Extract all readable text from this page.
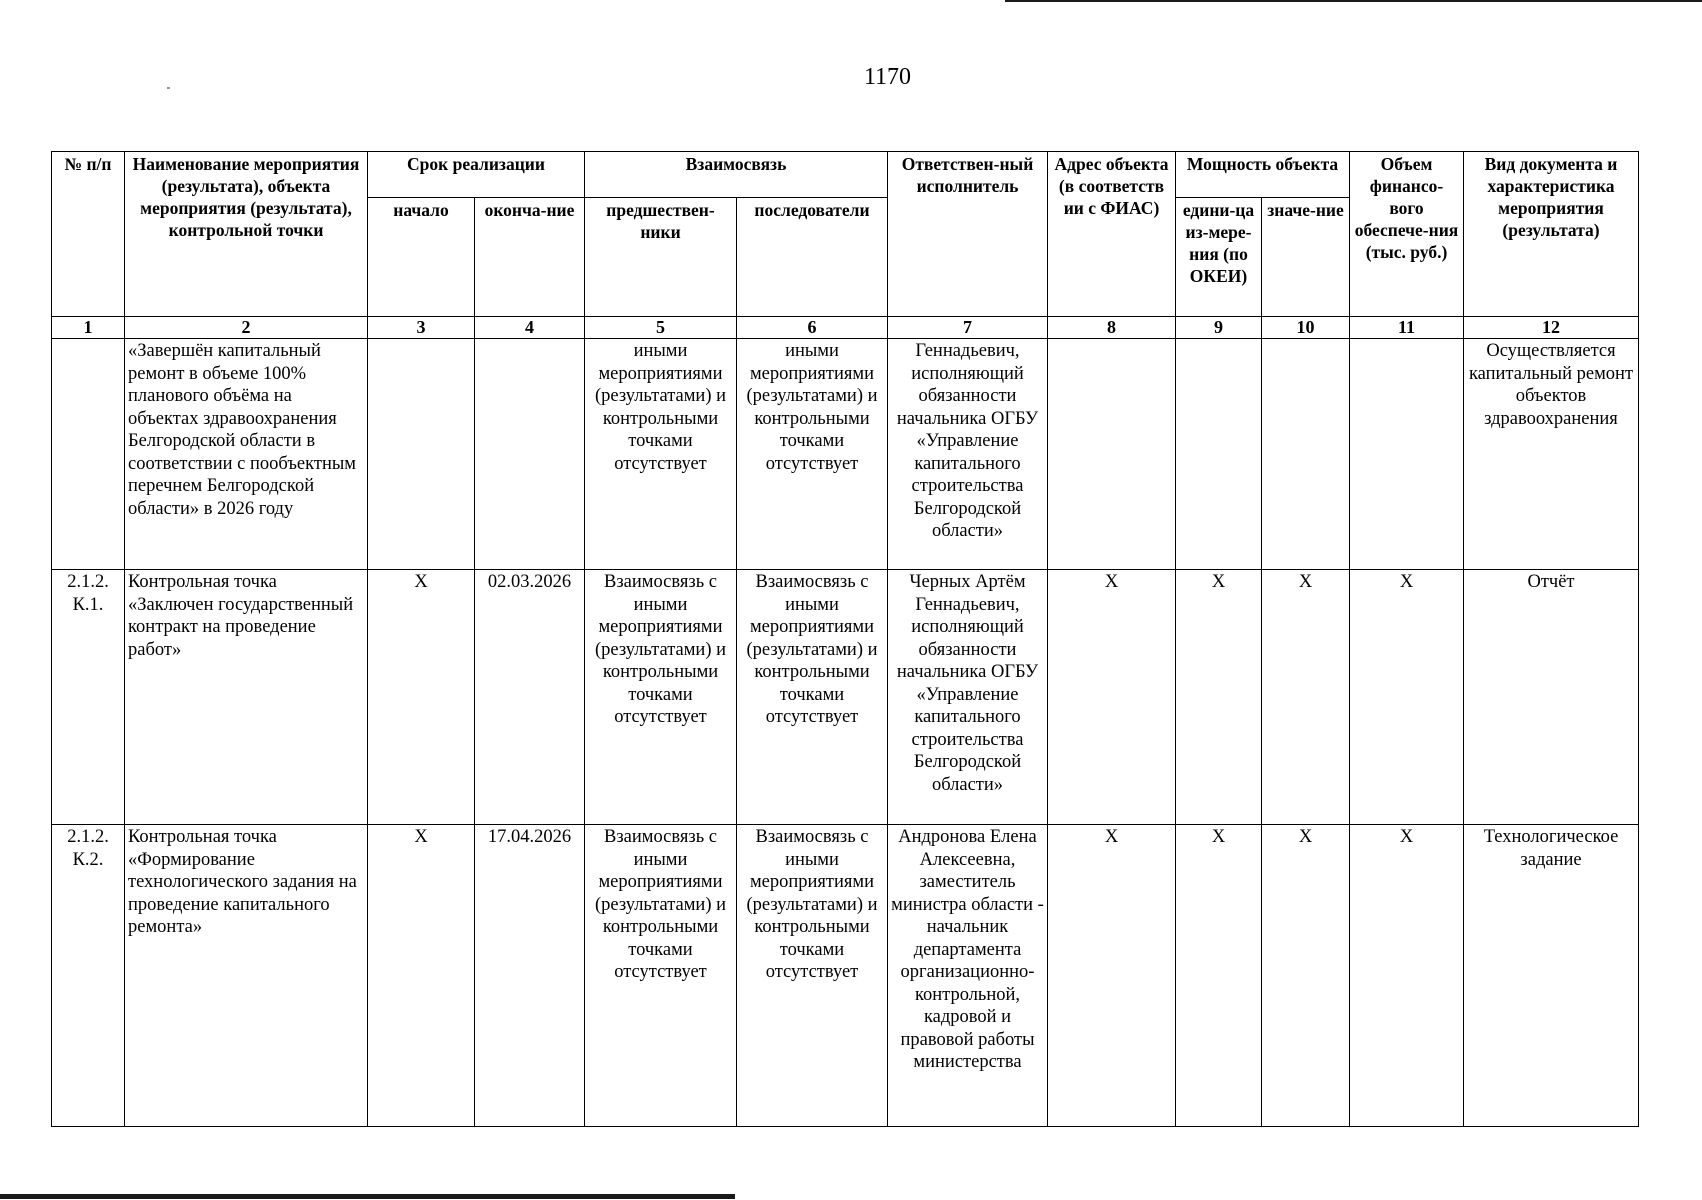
1170
№ п/п	Наименование мероприятия (результата), объекта мероприятия (результата), контрольной точки	Срок реализации		Взаимосвязь		Ответствен-ный исполнитель	Адрес объекта (в соответств ии с ФИАС)	Мощность объекта		Объем финансо-вого обеспече-ния (тыс. руб.)	Вид документа и характеристика мероприятия (результата)
		начало	оконча-ние	предшествен-ники	последователи			едини-ца из-мере-ния (по ОКЕИ)	значе-ние		
1	2	3	4	5	6	7	8	9	10	11	12
	«Завершён капитальный ремонт в объеме 100% планового объёма на объектах здравоохранения Белгородской области в соответствии с пообъектным перечнем Белгородской области» в 2026 году			иными мероприятиями (результатами) и контрольными точками отсутствует	иными мероприятиями (результатами) и контрольными точками отсутствует	Геннадьевич, исполняющий обязанности начальника ОГБУ «Управление капитального строительства Белгородской области»					Осуществляется капитальный ремонт объектов здравоохранения
2.1.2. К.1.	Контрольная точка «Заключен государственный контракт на проведение работ»	X	02.03.2026	Взаимосвязь с иными мероприятиями (результатами) и контрольными точками отсутствует	Взаимосвязь с иными мероприятиями (результатами) и контрольными точками отсутствует	Черных Артём Геннадьевич, исполняющий обязанности начальника ОГБУ «Управление капитального строительства Белгородской области»	X	X	X	X	Отчёт
2.1.2. К.2.	Контрольная точка «Формирование технологического задания на проведение капитального ремонта»	X	17.04.2026	Взаимосвязь с иными мероприятиями (результатами) и контрольными точками отсутствует	Взаимосвязь с иными мероприятиями (результатами) и контрольными точками отсутствует	Андронова Елена Алексеевна, заместитель министра области - начальник департамента организационно-контрольной, кадровой и правовой работы министерства	X	X	X	X	Технологическое задание
